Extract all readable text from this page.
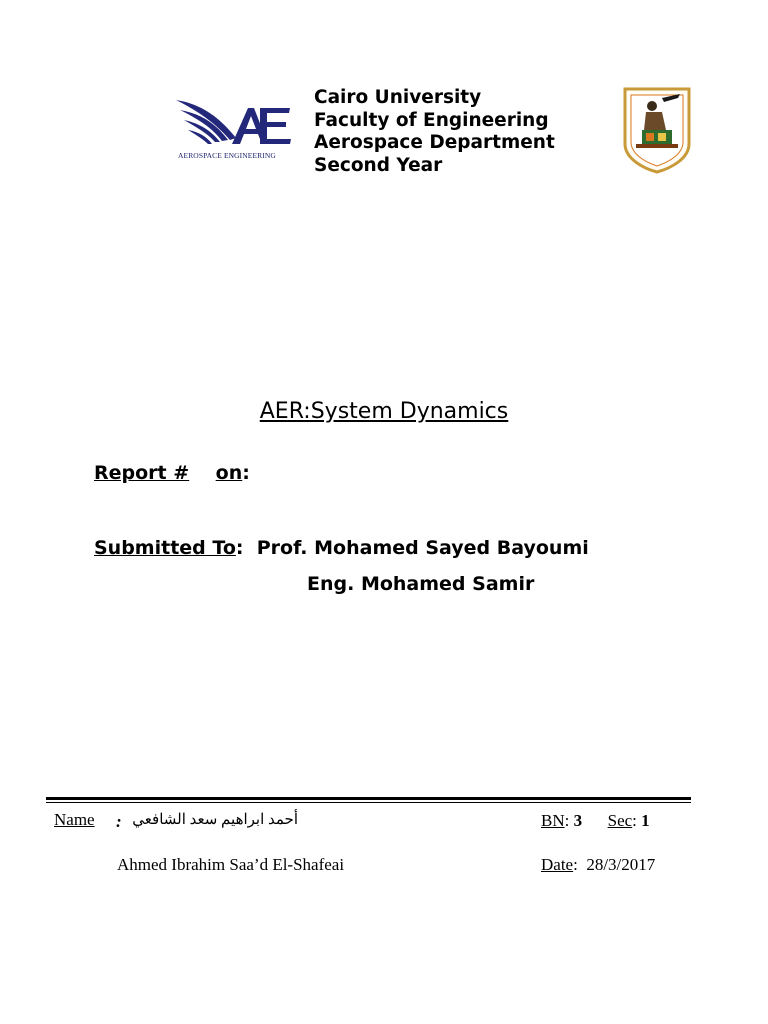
AEROSPACE ENGINEERING
Cairo University
Faculty of Engineering
Aerospace Department
Second Year
AER:System Dynamics
Report # on:
Submitted To: Prof. Mohamed Sayed Bayoumi
Eng. Mohamed Samir
Name : أحمد ابراهيم سعد الشافعي	BN: 3 Sec: 1
Ahmed Ibrahim Saa’d El-Shafeai	Date:  28/3/2017
